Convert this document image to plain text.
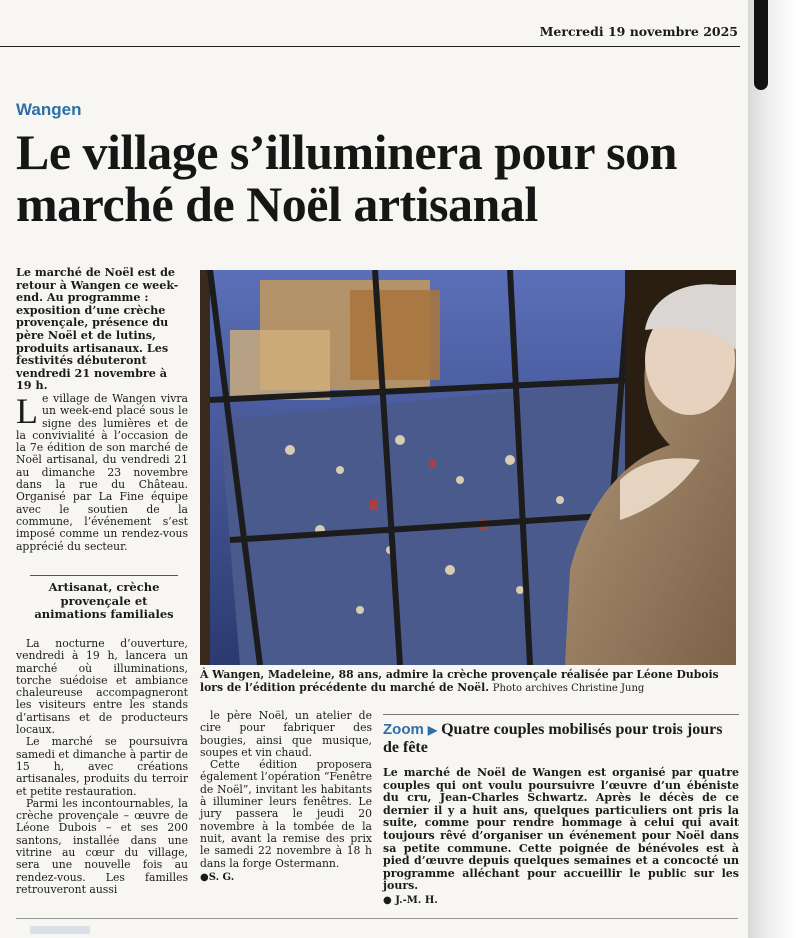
Mercredi 19 novembre 2025
Wangen
Le village s’illuminera pour son marché de Noël artisanal
Le marché de Noël est de retour à Wangen ce week-end. Au programme : exposition d’une crèche provençale, présence du père Noël et de lutins, produits artisanaux. Les festivités débuteront vendredi 21 novembre à 19 h.
L e village de Wangen vivra un week-end placé sous le signe des lumières et de la convivialité à l’occasion de la 7e édition de son marché de Noël artisanal, du vendredi 21 au dimanche 23 novembre dans la rue du Château. Organisé par La Fine équipe avec le soutien de la commune, l’événement s’est imposé comme un rendez-vous apprécié du secteur.
Artisanat, crèche provençale et animations familiales

La nocturne d’ouverture, vendredi à 19 h, lancera un marché où illuminations, torche suédoise et ambiance chaleureuse accompagneront les visiteurs entre les stands d’artisans et de producteurs locaux.

Le marché se poursuivra samedi et dimanche à partir de 15 h, avec créations artisanales, produits du terroir et petite restauration.

Parmi les incontournables, la crèche provençale – œuvre de Léone Dubois – et ses 200 santons, installée dans une vitrine au cœur du village, sera une nouvelle fois au rendez-vous. Les familles retrouveront aussi

le père Noël, un atelier de cire pour fabriquer des bougies, ainsi que musique, soupes et vin chaud.

Cette édition proposera également l’opération “Fenêtre de Noël”, invitant les habitants à illuminer leurs fenêtres. Le jury passera le jeudi 20 novembre à la tombée de la nuit, avant la remise des prix le samedi 22 novembre à 18 h dans la forge Ostermann.

●S. G.
À Wangen, Madeleine, 88 ans, admire la crèche provençale réalisée par Léone Dubois lors de l’édition précédente du marché de Noël. Photo archives Christine Jung
Zoom ▶ Quatre couples mobilisés pour trois jours de fête
Le marché de Noël de Wangen est organisé par quatre couples qui ont voulu poursuivre l’œuvre d’un ébéniste du cru, Jean-Charles Schwartz. Après le décès de ce dernier il y a huit ans, quelques particuliers ont pris la suite, comme pour rendre hommage à celui qui avait toujours rêvé d’organiser un événement pour Noël dans sa petite commune. Cette poignée de bénévoles est à pied d’œuvre depuis quelques semaines et a concocté un programme alléchant pour accueillir le public sur les jours.
● J.-M. H.
